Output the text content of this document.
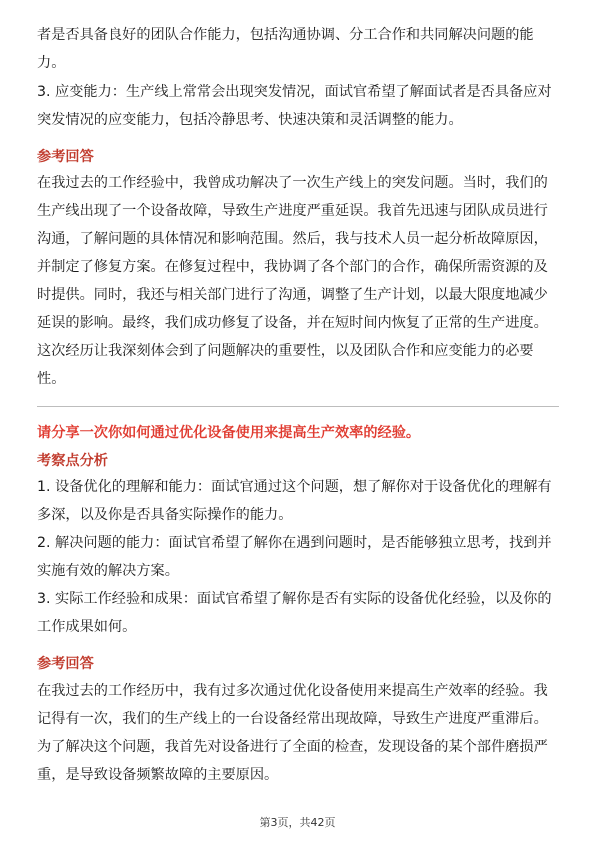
者是否具备良好的团队合作能力，包括沟通协调、分工合作和共同解决问题的能
力。
3. 应变能力：生产线上常常会出现突发情况，面试官希望了解面试者是否具备应对
突发情况的应变能力，包括冷静思考、快速决策和灵活调整的能力。
参考回答
在我过去的工作经验中，我曾成功解决了一次生产线上的突发问题。当时，我们的
生产线出现了一个设备故障，导致生产进度严重延误。我首先迅速与团队成员进行
沟通，了解问题的具体情况和影响范围。然后，我与技术人员一起分析故障原因，
并制定了修复方案。在修复过程中，我协调了各个部门的合作，确保所需资源的及
时提供。同时，我还与相关部门进行了沟通，调整了生产计划，以最大限度地减少
延误的影响。最终，我们成功修复了设备，并在短时间内恢复了正常的生产进度。
这次经历让我深刻体会到了问题解决的重要性，以及团队合作和应变能力的必要
性。
请分享一次你如何通过优化设备使用来提高生产效率的经验。
考察点分析
1. 设备优化的理解和能力：面试官通过这个问题，想了解你对于设备优化的理解有
多深，以及你是否具备实际操作的能力。
2. 解决问题的能力：面试官希望了解你在遇到问题时，是否能够独立思考，找到并
实施有效的解决方案。
3. 实际工作经验和成果：面试官希望了解你是否有实际的设备优化经验，以及你的
工作成果如何。
参考回答
在我过去的工作经历中，我有过多次通过优化设备使用来提高生产效率的经验。我
记得有一次，我们的生产线上的一台设备经常出现故障，导致生产进度严重滞后。
为了解决这个问题，我首先对设备进行了全面的检查，发现设备的某个部件磨损严
重，是导致设备频繁故障的主要原因。
第3页，共42页
